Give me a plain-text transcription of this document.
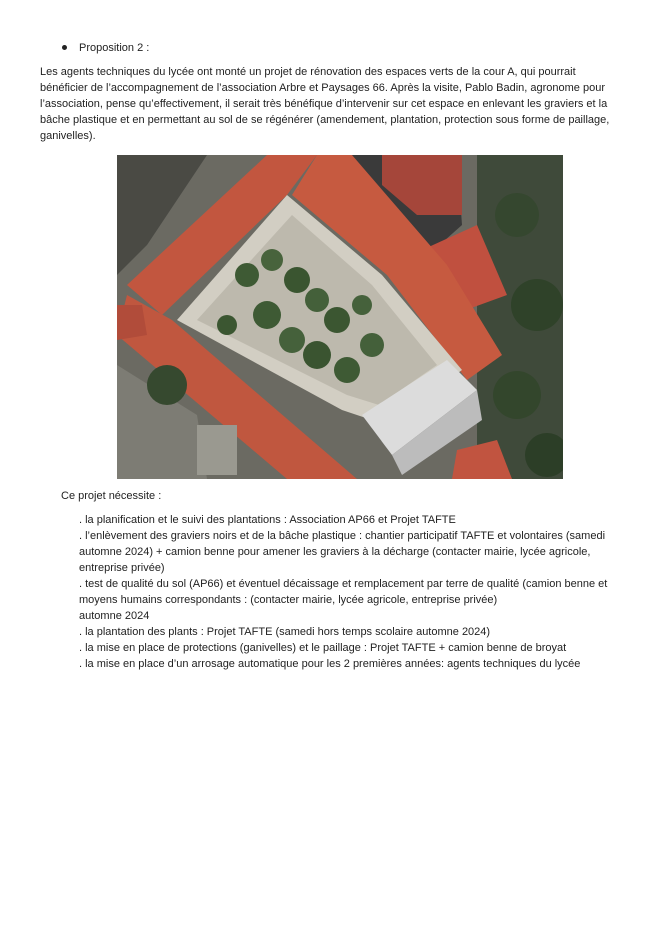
Proposition 2 :

Les agents techniques du lycée ont monté un projet de rénovation des espaces verts de la cour A, qui pourrait bénéficier de l’accompagnement de l’association Arbre et Paysages 66. Après la visite, Pablo Badin, agronome pour l’association, pense qu’effectivement, il serait très bénéfique d’intervenir sur cet espace en enlevant les graviers et la bâche plastique et en permettant au sol de se régénérer (amendement, plantation, protection sous forme de paillage, ganivelles).

Ce projet nécessite :

. la planification et le suivi des plantations : Association AP66 et Projet TAFTE

. l’enlèvement des graviers noirs et de la bâche plastique : chantier participatif TAFTE et volontaires (samedi automne 2024) + camion benne pour amener les graviers à la décharge (contacter mairie, lycée agricole, entreprise privée)

. test de qualité du sol (AP66) et éventuel décaissage et remplacement par terre de qualité (camion benne et moyens humains correspondants : (contacter mairie, lycée agricole, entreprise privée)

automne 2024

. la plantation des plants : Projet TAFTE (samedi hors temps scolaire automne 2024)

. la mise en place de protections (ganivelles) et le paillage : Projet TAFTE + camion benne de broyat

. la mise en place d’un arrosage automatique pour les 2 premières années: agents techniques du lycée
